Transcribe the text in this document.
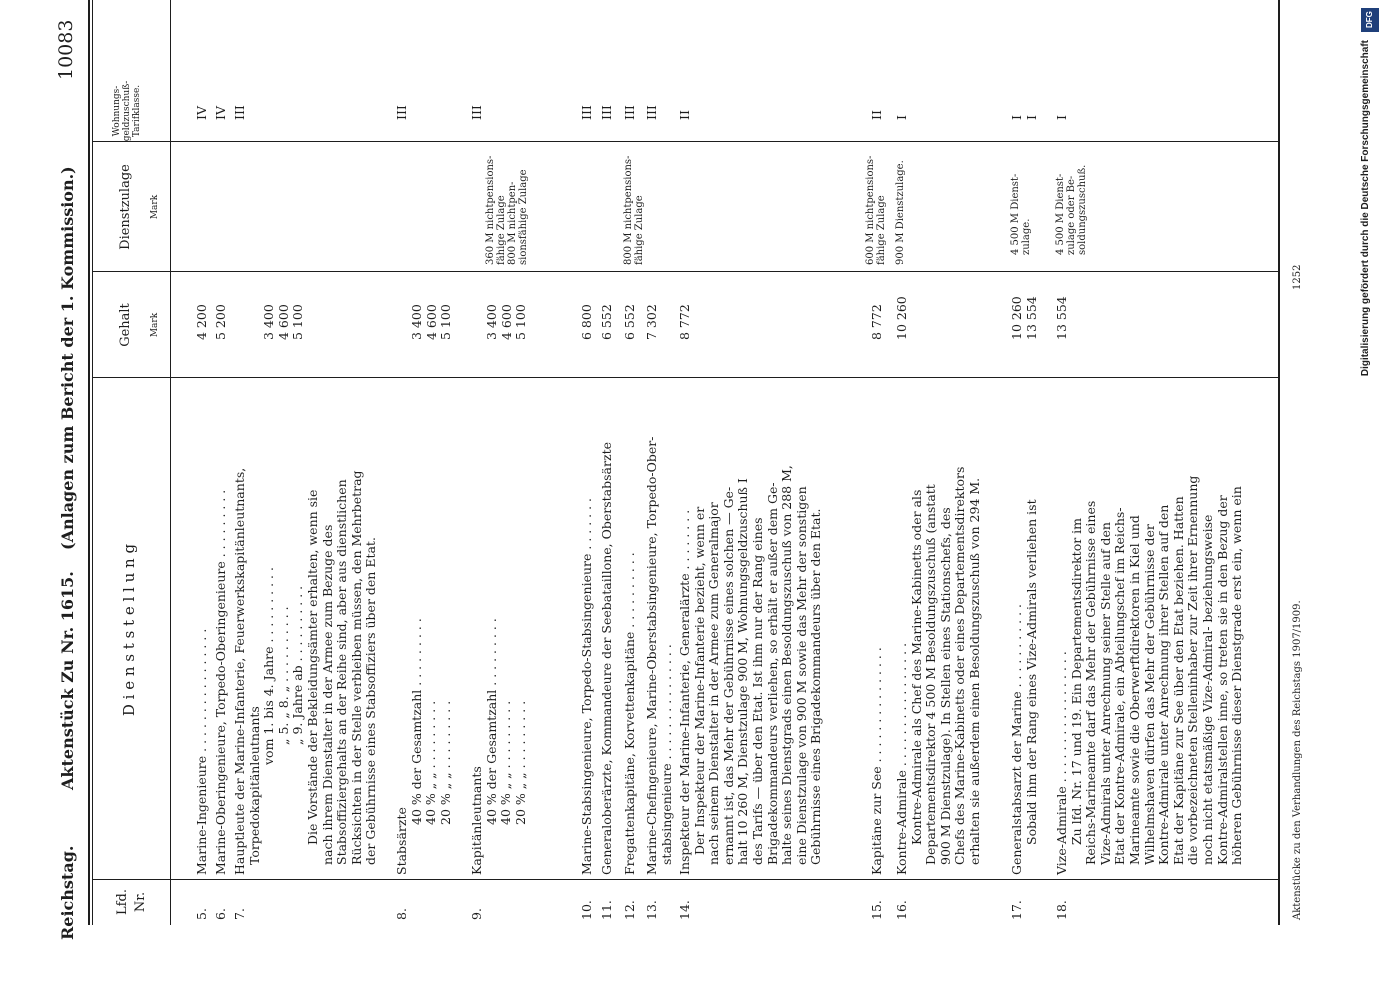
Reichstag.
Aktenstück Zu Nr. 1615.
(Anlagen zum Bericht der 1. Kommission.)
10083
Lfd. Nr.
D i e n s t s t e l l u n g
Gehalt Mark
Dienstzulage Mark
Wohnungs-geldzuschuß-Tarifklasse.
5.
Marine-Ingenieure . . . . . . . . . . . . . . . .
4 200
IV
6.
Marine-Oberingenieure, Torpedo-Oberingenieure . . . . . . . . .
5 200
IV
7.
Hauptleute der Marine-Infanterie, Feuerwerkskapitänleutnants, Torpedokapitänleutnants
vom 1. bis 4. Jahre . . . . . . . . . . „ 5. „ 8. „ . . . . . . . . . . „ 9. Jahre ab . . . . . . . . . . Die Vorstände der Bekleidungsämter erhalten, wenn sie nach ihrem Dienstalter in der Armee zum Bezuge des Stabsoffiziergehalts an der Reihe sind, aber aus dienstlichen Rücksichten in der Stelle verbleiben müssen, den Mehrbetrag der Gebührnisse eines Stabsoffiziers über den Etat.
3 400 4 600 5 100
III
8.
Stabsärzte
40 % der Gesamtzahl . . . . . . . . . 40 % „ „ . . . . . . . . . 20 % „ „ . . . . . . . . .
3 400 4 600 5 100
III
9.
Kapitänleutnants 40 % der Gesamtzahl . . . . . . . . . 40 % „ „ . . . . . . . . . 20 % „ „ . . . . . . . . .
3 400 4 600 5 100
360 M nichtpensions- fähige Zulage 800 M nichtpen- sionsfähige Zulage
III
10.
Marine-Stabsingenieure, Torpedo-Stabsingenieure . . . . . . .
6 800
III
11.
Generaloberärzte, Kommandeure der Seebataillone, Oberstabsärzte
6 552
III
12.
Fregattenkapitäne, Korvettenkapitäne . . . . . . . . . .
6 552
800 M nichtpensions- fähige Zulage
III
13.
Marine-Chefingenieure, Marine-Oberstabsingenieure, Torpedo-Ober- stabsingenieure . . . . . . . . . . . . . . .
7 302
III
14.
Inspekteur der Marine-Infanterie, Generalärzte . . . . . . . . Der Inspekteur der Marine-Infanterie bezieht, wenn er nach seinem Dienstalter in der Armee zum Generalmajor ernannt ist, das Mehr der Gebührnisse eines solchen — Ge- halt 10 260 M, Dienstzulage 900 M, Wohnungsgeldzuschuß I des Tarifs — über den Etat. Ist ihm nur der Rang eines Brigadekommandeurs verliehen, so erhält er außer dem Ge- halte seines Dienstgrads einen Besoldungszuschuß von 288 M, eine Dienstzulage von 900 M sowie das Mehr der sonstigen Gebührnisse eines Brigadekommandeurs über den Etat.
8 772
II
15.
Kapitäne zur See . . . . . . . . . . . . . . .
8 772
600 M nichtpensions- fähige Zulage
II
16.
Kontre-Admirale . . . . . . . . . . . . . . . . Kontre-Admirale als Chef des Marine-Kabinetts oder als Departementsdirektor 4 500 M Besoldungszuschuß (anstatt 900 M Dienstzulage). In Stellen eines Stationschefs, des Chefs des Marine-Kabinetts oder eines Departementsdirektors erhalten sie außerdem einen Besoldungszuschuß von 294 M.
10 260
900 M Dienstzulage.
I
17.
Generalstabsarzt der Marine . . . . . . . . . . . Sobald ihm der Rang eines Vize-Admirals verliehen ist
10 260 13 554
4 500 M Dienst- zulage.
I I
18.
Vize-Admirale . . . . . . . . . . . . . . . . . Zu lfd. Nr. 17 und 19. Ein Departementsdirektor im Reichs-Marineamte darf das Mehr der Gebührnisse eines Vize-Admirals unter Anrechnung seiner Stelle auf den Etat der Kontre-Admirale, ein Abteilungschef im Reichs- Marineamte sowie die Oberwerftdirektoren in Kiel und Wilhelmshaven dürfen das Mehr der Gebührnisse der Kontre-Admirale unter Anrechnung ihrer Stellen auf den Etat der Kapitäne zur See über den Etat beziehen. Hatten die vorbezeichneten Stelleninhaber zur Zeit ihrer Ernennung noch nicht etatsmäßige Vize-Admiral- beziehungsweise Kontre-Admiralstellen inne, so treten sie in den Bezug der höheren Gebührnisse dieser Dienstgrade erst ein, wenn ein
13 554
4 500 M Dienst- zulage oder Be- soldungszuschuß.
I
Aktenstücke zu den Verhandlungen des Reichstags 1907/1909.
1252
DFG
Digitalisierung gefördert durch die Deutsche Forschungsgemeinschaft
